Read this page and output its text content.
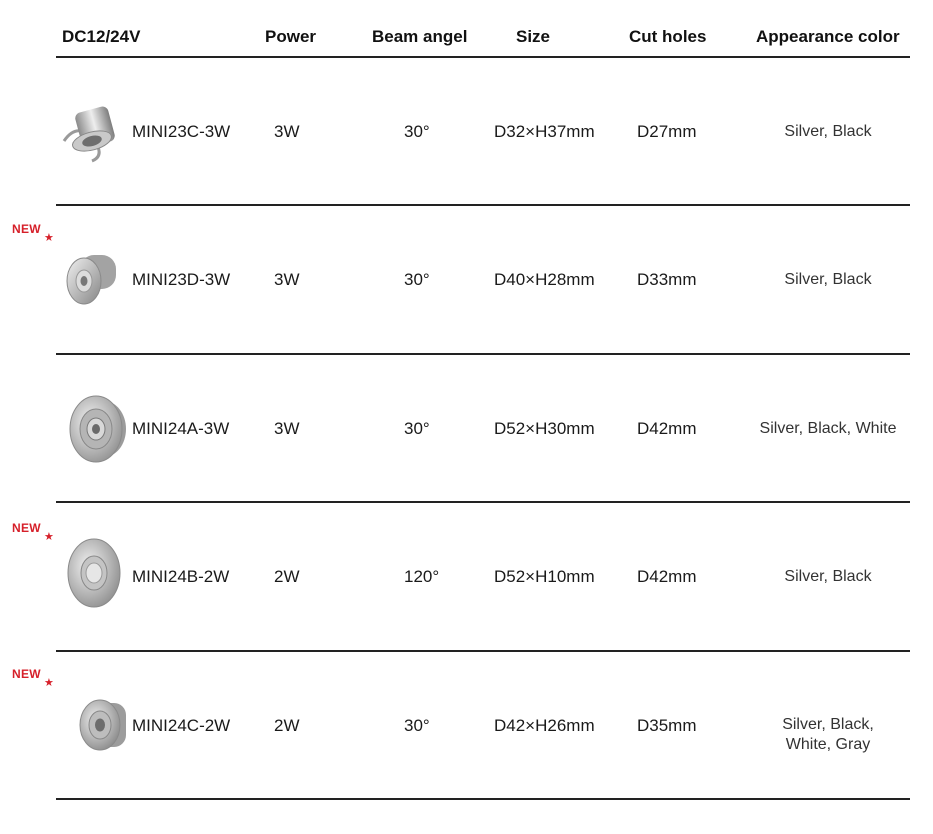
DC12/24V	Power	Beam angel	Size	Cut holes	Appearance color
MINI23C-3W	3W	30°	D32×H37mm D27mm	Silver, Black
NEW
★
MINI23D-3W	3W	30°	D40×H28mm D33mm	Silver, Black
MINI24A-3W	3W	30°	D52×H30mm D42mm	Silver, Black, White
NEW
★
MINI24B-2W	2W	120°	D52×H10mm D42mm	Silver, Black
NEW
★
MINI24C-2W	2W	30°	D42×H26mm D35mm	Silver, Black,
White, Gray
